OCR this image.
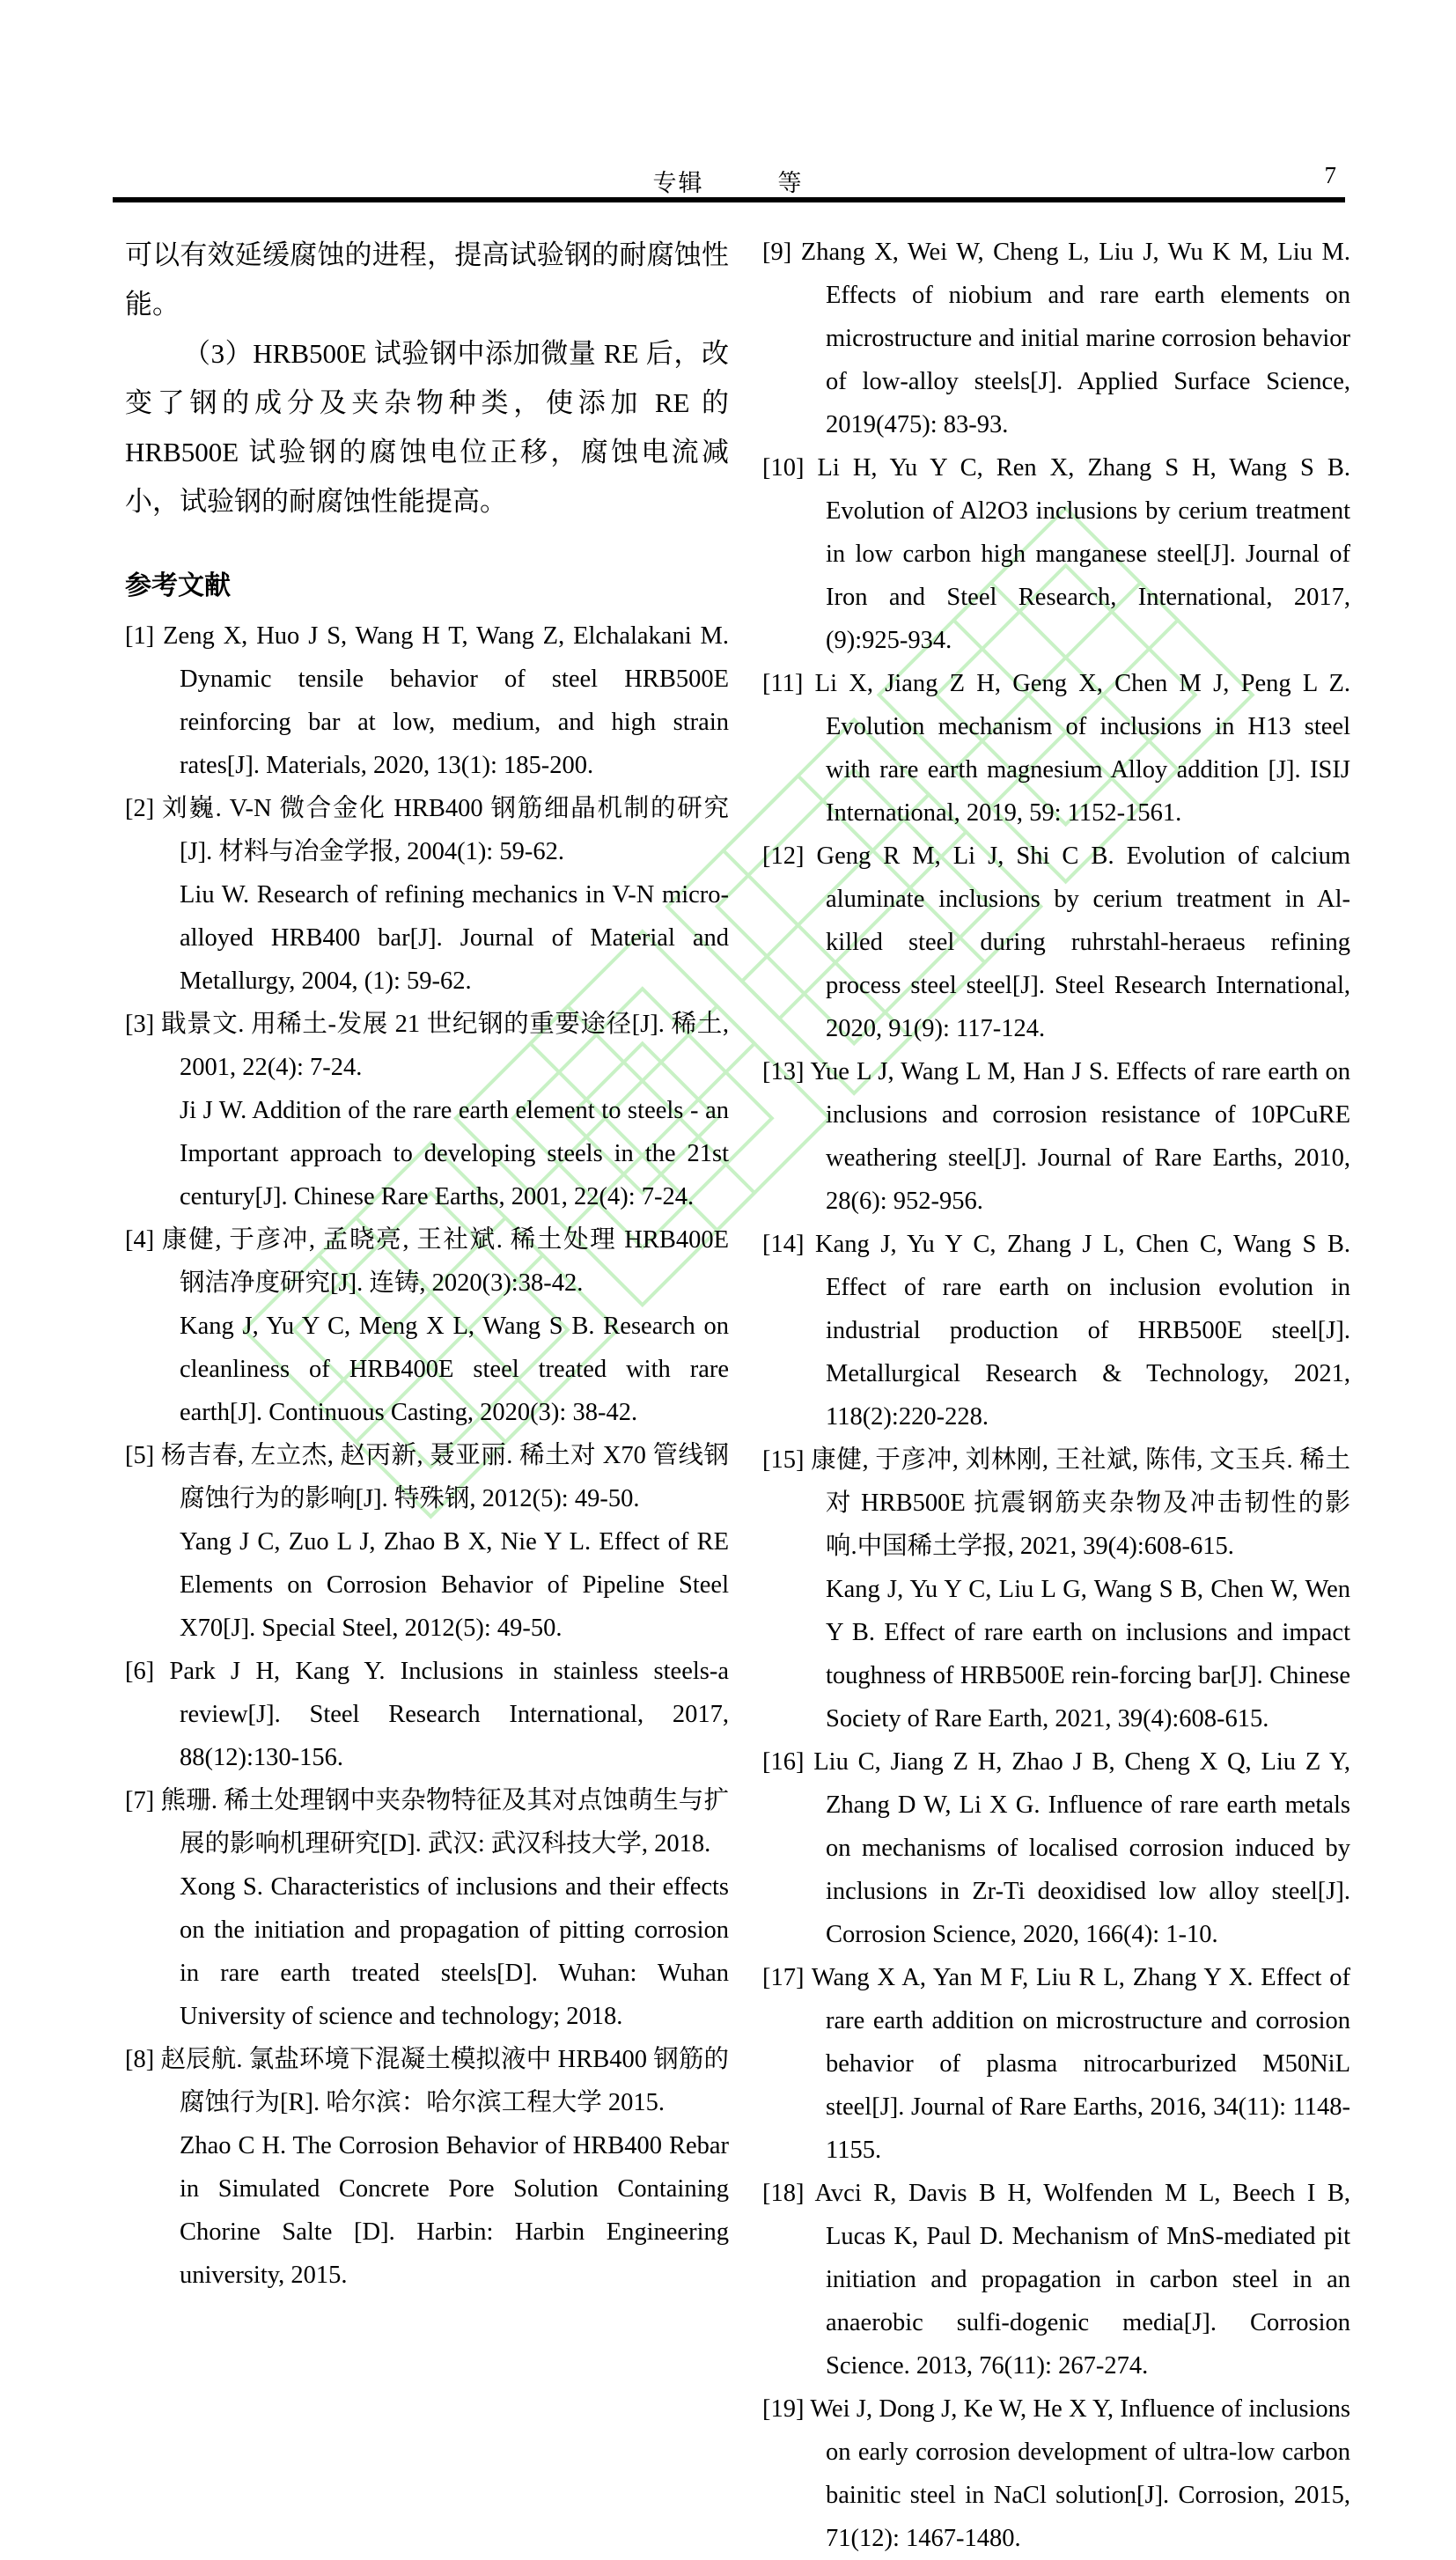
专辑	等	7

可以有效延缓腐蚀的进程，提高试验钢的耐腐蚀性能。

（3）HRB500E 试验钢中添加微量 RE 后，改变了钢的成分及夹杂物种类，使添加 RE 的 HRB500E 试验钢的腐蚀电位正移，腐蚀电流减小，试验钢的耐腐蚀性能提高。

参考文献
[1] Zeng X, Huo J S, Wang H T, Wang Z, Elchalakani M. Dynamic tensile behavior of steel HRB500E reinforcing bar at low, medium, and high strain rates[J]. Materials, 2020, 13(1): 185-200.
[2] 刘巍. V-N 微合金化 HRB400 钢筋细晶机制的研究[J]. 材料与冶金学报, 2004(1): 59-62.
Liu W. Research of refining mechanics in V-N micro-alloyed HRB400 bar[J]. Journal of Material and Metallurgy, 2004, (1): 59-62.
[3] 戢景文. 用稀土-发展 21 世纪钢的重要途径[J]. 稀土, 2001, 22(4): 7-24.
Ji J W. Addition of the rare earth element to steels - an Important approach to developing steels in the 21st century[J]. Chinese Rare Earths, 2001, 22(4): 7-24.
[4] 康健, 于彦冲, 孟晓亮, 王社斌. 稀土处理 HRB400E 钢洁净度研究[J]. 连铸, 2020(3):38-42.
Kang J, Yu Y C, Meng X L, Wang S B. Research on cleanliness of HRB400E steel treated with rare earth[J]. Continuous Casting, 2020(3): 38-42.
[5] 杨吉春, 左立杰, 赵丙新, 聂亚丽. 稀土对 X70 管线钢腐蚀行为的影响[J]. 特殊钢, 2012(5): 49-50.
Yang J C, Zuo L J, Zhao B X, Nie Y L. Effect of RE Elements on Corrosion Behavior of Pipeline Steel X70[J]. Special Steel, 2012(5): 49-50.
[6] Park J H, Kang Y. Inclusions in stainless steels-a review[J]. Steel Research International, 2017, 88(12):130-156.
[7] 熊珊. 稀土处理钢中夹杂物特征及其对点蚀萌生与扩展的影响机理研究[D]. 武汉: 武汉科技大学, 2018.
Xong S. Characteristics of inclusions and their effects on the initiation and propagation of pitting corrosion in rare earth treated steels[D]. Wuhan: Wuhan University of science and technology; 2018.
[8] 赵辰航. 氯盐环境下混凝土模拟液中 HRB400 钢筋的腐蚀行为[R]. 哈尔滨：哈尔滨工程大学 2015.
Zhao C H. The Corrosion Behavior of HRB400 Rebar in Simulated Concrete Pore Solution Containing Chorine Salte [D]. Harbin: Harbin Engineering university, 2015.
[9] Zhang X, Wei W, Cheng L, Liu J, Wu K M, Liu M. Effects of niobium and rare earth elements on microstructure and initial marine corrosion behavior of low-alloy steels[J]. Applied Surface Science, 2019(475): 83-93.
[10] Li H, Yu Y C, Ren X, Zhang S H, Wang S B. Evolution of Al2O3 inclusions by cerium treatment in low carbon high manganese steel[J]. Journal of Iron and Steel Research, International, 2017, (9):925-934.
[11] Li X, Jiang Z H, Geng X, Chen M J, Peng L Z. Evolution mechanism of inclusions in H13 steel with rare earth magnesium Alloy addition [J]. ISIJ International, 2019, 59: 1152-1561.
[12] Geng R M, Li J, Shi C B. Evolution of calcium aluminate inclusions by cerium treatment in Al-killed steel during ruhrstahl-heraeus refining process steel steel[J]. Steel Research International, 2020, 91(9): 117-124.
[13] Yue L J, Wang L M, Han J S. Effects of rare earth on inclusions and corrosion resistance of 10PCuRE weathering steel[J]. Journal of Rare Earths, 2010, 28(6): 952-956.
[14] Kang J, Yu Y C, Zhang J L, Chen C, Wang S B. Effect of rare earth on inclusion evolution in industrial production of HRB500E steel[J]. Metallurgical Research & Technology, 2021, 118(2):220-228.
[15] 康健, 于彦冲, 刘林刚, 王社斌, 陈伟, 文玉兵. 稀土对 HRB500E 抗震钢筋夹杂物及冲击韧性的影响.中国稀土学报, 2021, 39(4):608-615.
Kang J, Yu Y C, Liu L G, Wang S B, Chen W, Wen Y B. Effect of rare earth on inclusions and impact toughness of HRB500E rein-forcing bar[J]. Chinese Society of Rare Earth, 2021, 39(4):608-615.
[16] Liu C, Jiang Z H, Zhao J B, Cheng X Q, Liu Z Y, Zhang D W, Li X G. Influence of rare earth metals on mechanisms of localised corrosion induced by inclusions in Zr-Ti deoxidised low alloy steel[J]. Corrosion Science, 2020, 166(4): 1-10.
[17] Wang X A, Yan M F, Liu R L, Zhang Y X. Effect of rare earth addition on microstructure and corrosion behavior of plasma nitrocarburized M50NiL steel[J]. Journal of Rare Earths, 2016, 34(11): 1148-1155.
[18] Avci R, Davis B H, Wolfenden M L, Beech I B, Lucas K, Paul D. Mechanism of MnS-mediated pit initiation and propagation in carbon steel in an anaerobic sulfi-dogenic media[J]. Corrosion Science. 2013, 76(11): 267-274.
[19] Wei J, Dong J, Ke W, He X Y, Influence of inclusions on early corrosion development of ultra-low carbon bainitic steel in NaCl solution[J]. Corrosion, 2015, 71(12): 1467-1480.
